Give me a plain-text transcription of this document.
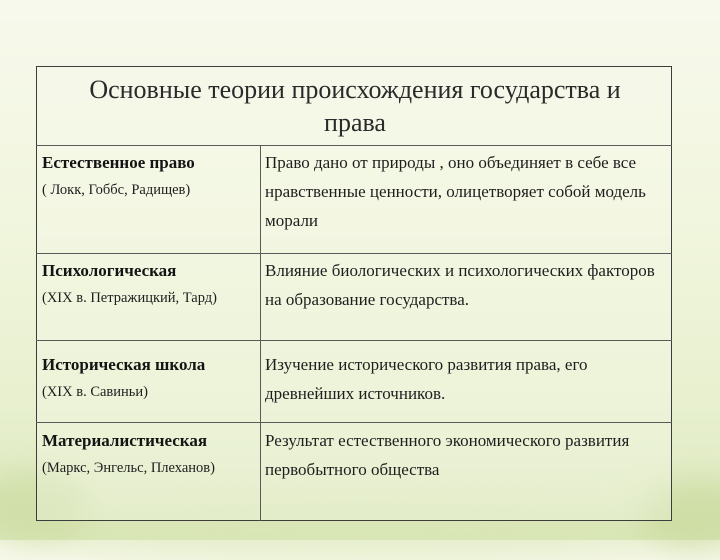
Основные теории происхождения государства и
права
Естественное право
( Локк, Гоббс, Радищев)
Право дано от природы , оно объединяет в себе все нравственные ценности, олицетворяет собой модель морали
Психологическая
(XIX в. Петражицкий, Тард)
Влияние биологических и психологических факторов на образование государства.
Историческая школа
(XIX в. Савиньи)
Изучение исторического развития права, его древнейших источников.
Материалистическая
(Маркс, Энгельс, Плеханов)
Результат естественного экономического развития первобытного общества
